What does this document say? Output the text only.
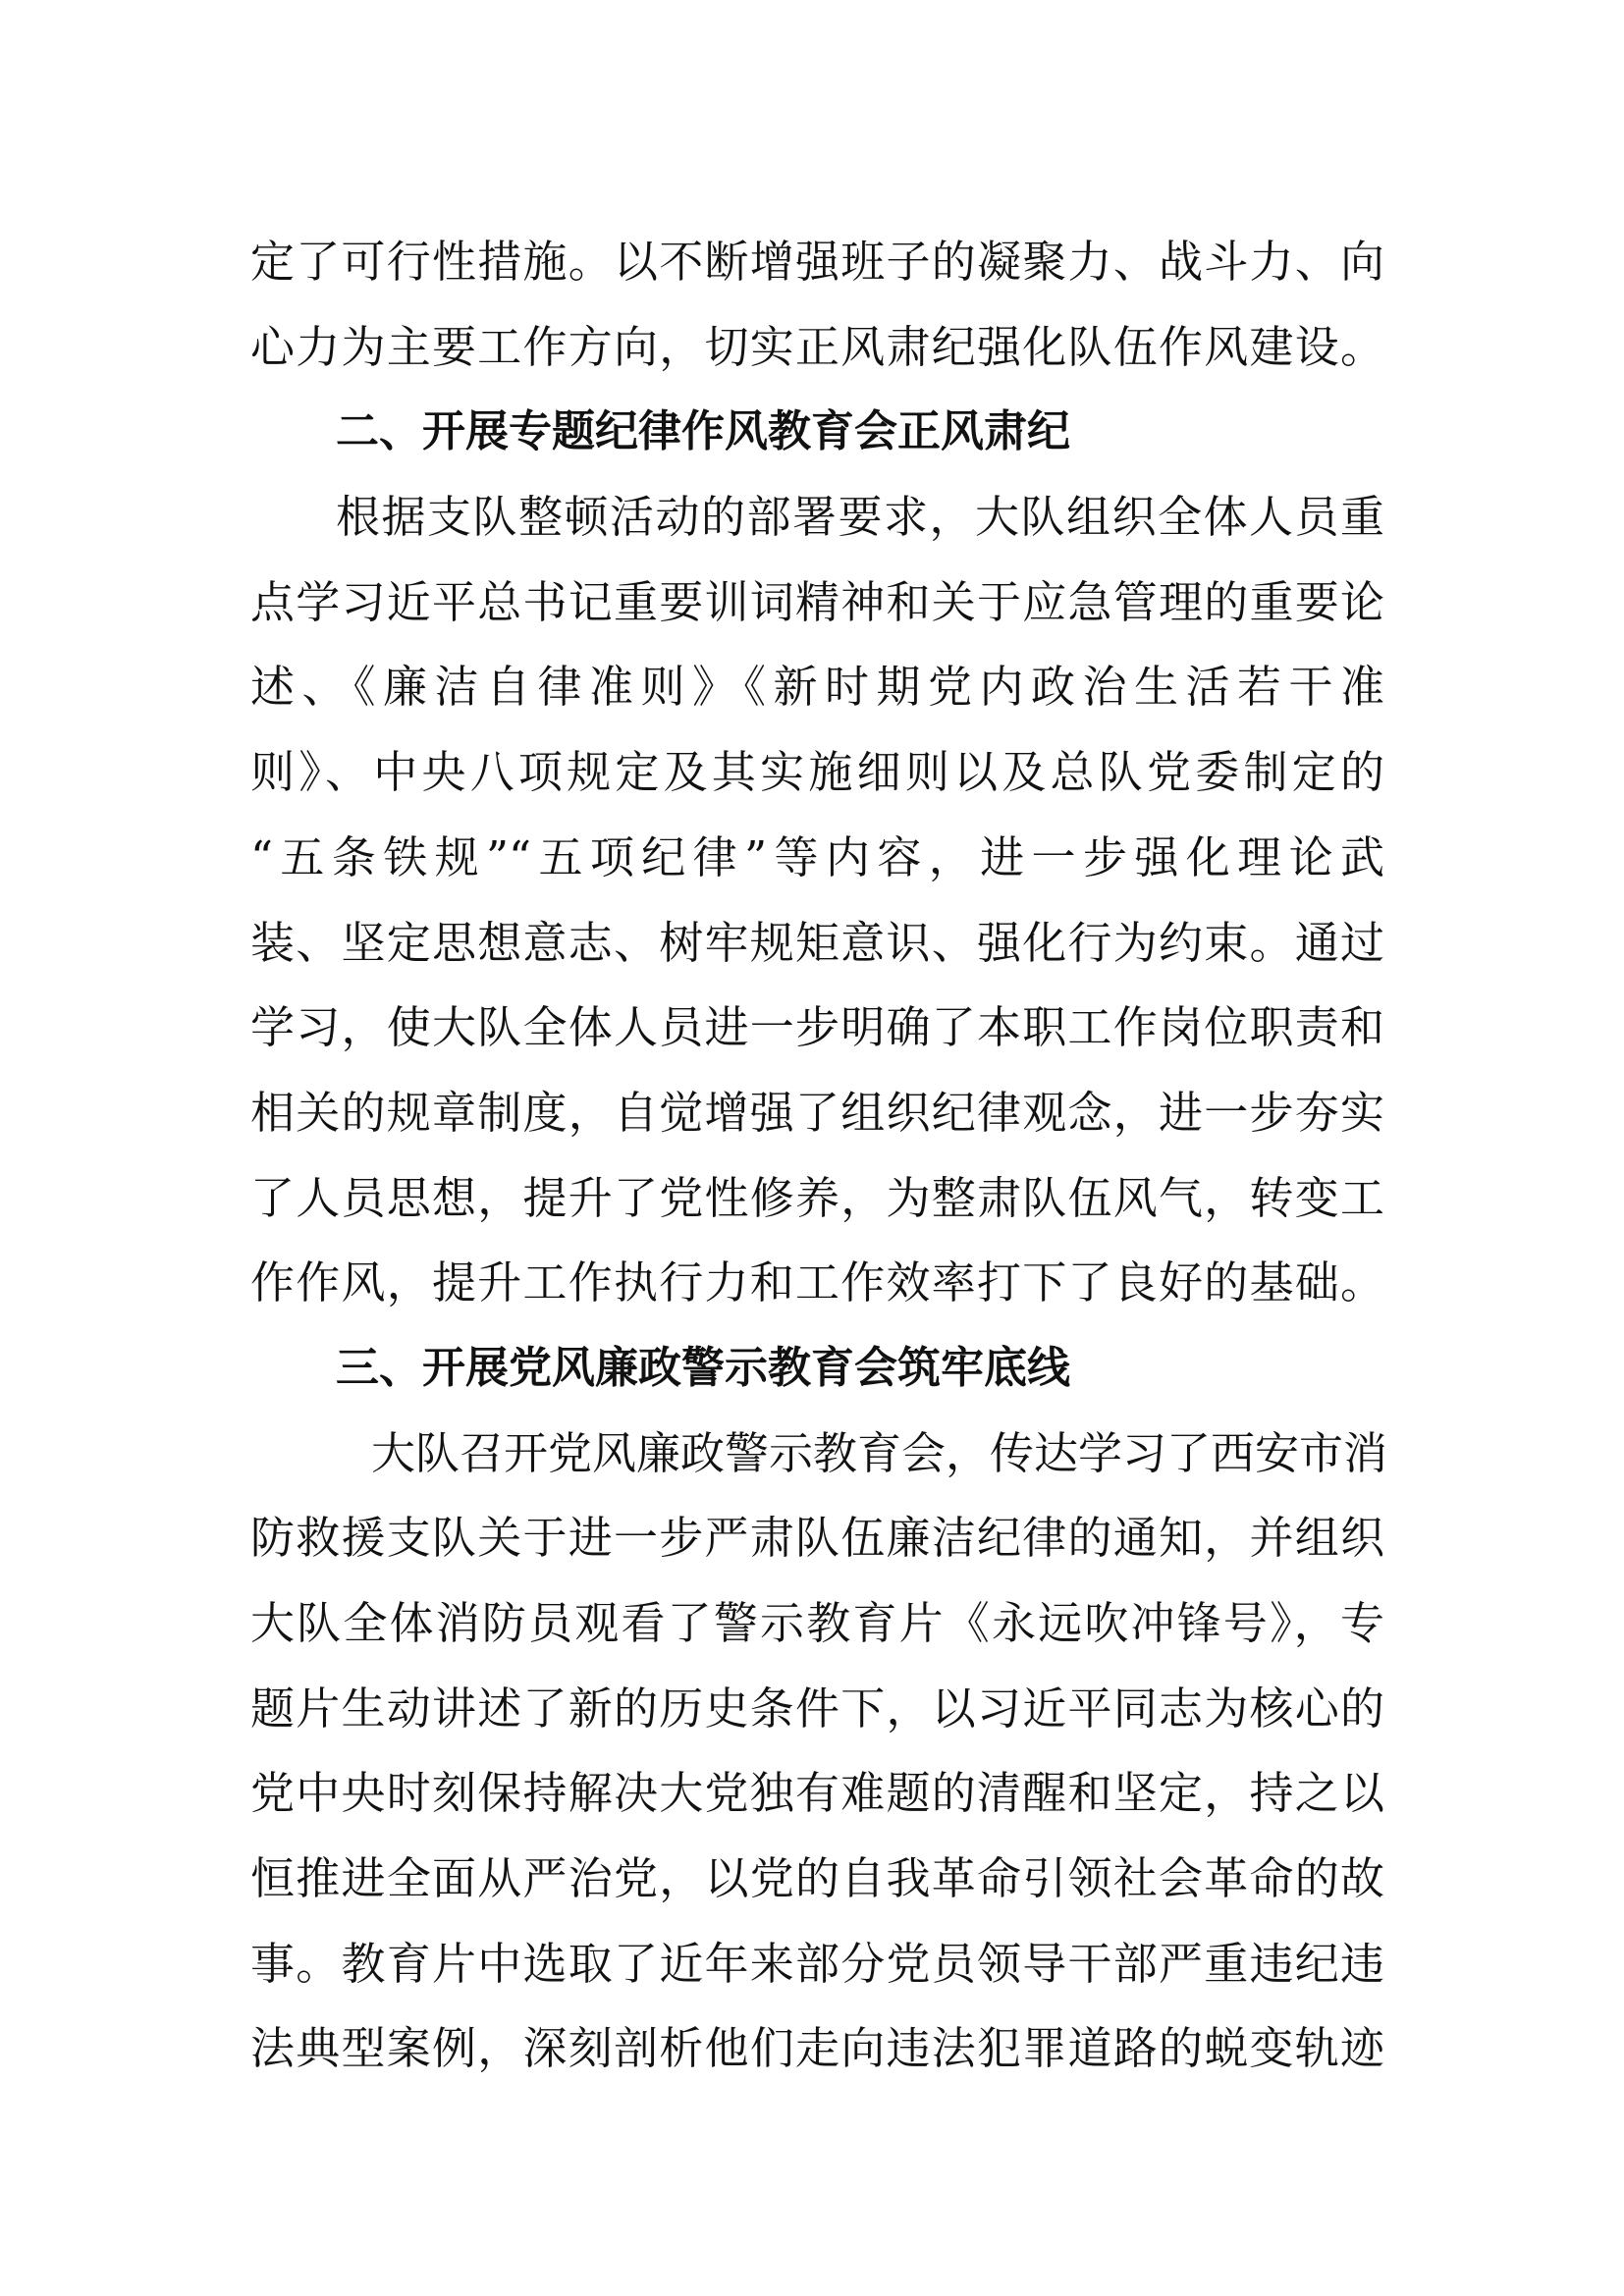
定了可行性措施。以不断增强班子的凝聚力、战斗力、向
心力为主要工作方向，切实正风肃纪强化队伍作风建设。
二、开展专题纪律作风教育会正风肃纪
根据支队整顿活动的部署要求，大队组织全体人员重
点学习近平总书记重要训词精神和关于应急管理的重要论
述、《廉洁自律准则》《新时期党内政治生活若干准
则》、中央八项规定及其实施细则以及总队党委制定的
“五条铁规”“五项纪律”等内容，进一步强化理论武
装、坚定思想意志、树牢规矩意识、强化行为约束。通过
学习，使大队全体人员进一步明确了本职工作岗位职责和
相关的规章制度，自觉增强了组织纪律观念，进一步夯实
了人员思想，提升了党性修养，为整肃队伍风气，转变工
作作风，提升工作执行力和工作效率打下了良好的基础。
三、开展党风廉政警示教育会筑牢底线
大队召开党风廉政警示教育会，传达学习了西安市消
防救援支队关于进一步严肃队伍廉洁纪律的通知，并组织
大队全体消防员观看了警示教育片《永远吹冲锋号》，专
题片生动讲述了新的历史条件下，以习近平同志为核心的
党中央时刻保持解决大党独有难题的清醒和坚定，持之以
恒推进全面从严治党，以党的自我革命引领社会革命的故
事。教育片中选取了近年来部分党员领导干部严重违纪违
法典型案例，深刻剖析他们走向违法犯罪道路的蜕变轨迹
